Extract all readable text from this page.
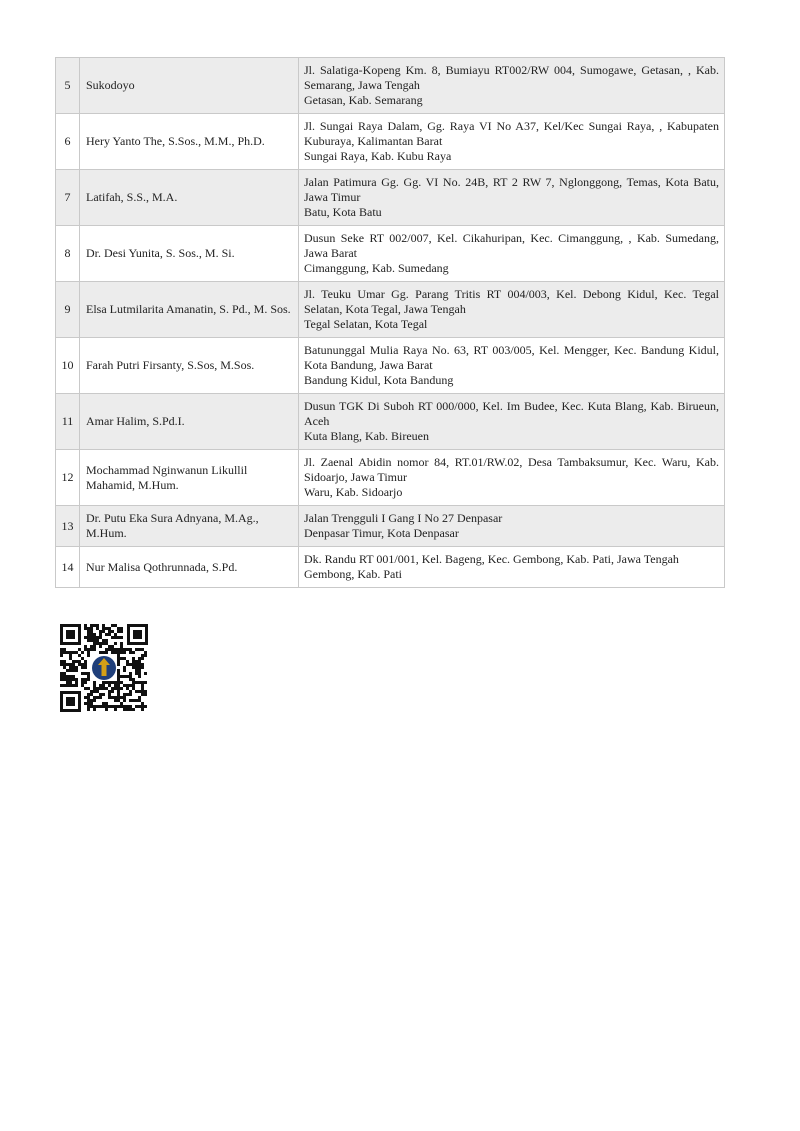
5	Sukodoyo	Jl. Salatiga-Kopeng Km. 8, Bumiayu RT002/RW 004, Sumogawe, Getasan, , Kab. Semarang, Jawa Tengah
Getasan, Kab. Semarang

6	Hery Yanto The, S.Sos., M.M., Ph.D.	Jl. Sungai Raya Dalam, Gg. Raya VI No A37, Kel/Kec Sungai Raya, , Kabupaten Kuburaya, Kalimantan Barat
Sungai Raya, Kab. Kubu Raya

7	Latifah, S.S., M.A.	Jalan Patimura Gg. Gg. VI No. 24B, RT 2 RW 7, Nglonggong, Temas, Kota Batu, Jawa Timur
Batu, Kota Batu

8	Dr. Desi Yunita, S. Sos., M. Si.	Dusun Seke RT 002/007, Kel. Cikahuripan, Kec. Cimanggung, , Kab. Sumedang, Jawa Barat
Cimanggung, Kab. Sumedang

9	Elsa Lutmilarita Amanatin, S. Pd., M. Sos.	Jl. Teuku Umar Gg. Parang Tritis RT 004/003, Kel. Debong Kidul, Kec. Tegal Selatan, Kota Tegal, Jawa Tengah
Tegal Selatan, Kota Tegal

10	Farah Putri Firsanty, S.Sos, M.Sos.	Batununggal Mulia Raya No. 63, RT 003/005, Kel. Mengger, Kec. Bandung Kidul, Kota Bandung, Jawa Barat
Bandung Kidul, Kota Bandung

11	Amar Halim, S.Pd.I.	Dusun TGK Di Suboh RT 000/000, Kel. Im Budee, Kec. Kuta Blang, Kab. Birueun, Aceh
Kuta Blang, Kab. Bireuen

12	Mochammad Nginwanun Likullil Mahamid, M.Hum.	Jl. Zaenal Abidin nomor 84, RT.01/RW.02, Desa Tambaksumur, Kec. Waru, Kab. Sidoarjo, Jawa Timur
Waru, Kab. Sidoarjo

13	Dr. Putu Eka Sura Adnyana, M.Ag., M.Hum.	Jalan Trengguli I Gang I No 27 Denpasar
Denpasar Timur, Kota Denpasar

14	Nur Malisa Qothrunnada, S.Pd.	Dk. Randu RT 001/001, Kel. Bageng, Kec. Gembong, Kab. Pati, Jawa Tengah
Gembong, Kab. Pati
